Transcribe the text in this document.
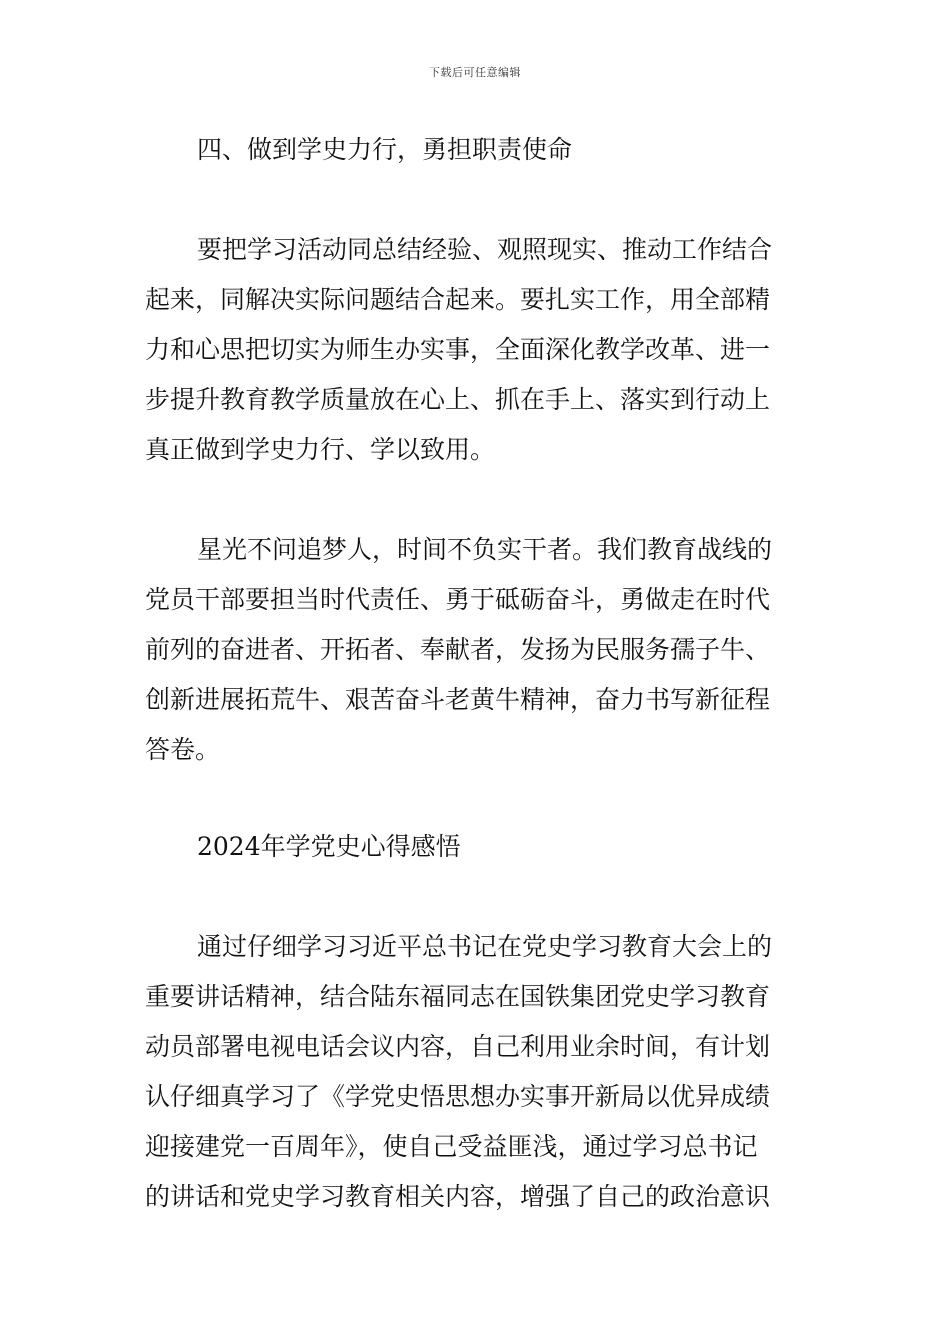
下载后可任意编辑
四、做到学史力行，勇担职责使命
要把学习活动同总结经验、观照现实、推动工作结合
起来，同解决实际问题结合起来。要扎实工作，用全部精
力和心思把切实为师生办实事，全面深化教学改革、进一
步提升教育教学质量放在心上、抓在手上、落实到行动上
真正做到学史力行、学以致用。
星光不问追梦人，时间不负实干者。我们教育战线的
党员干部要担当时代责任、勇于砥砺奋斗，勇做走在时代
前列的奋进者、开拓者、奉献者，发扬为民服务孺子牛、
创新进展拓荒牛、艰苦奋斗老黄牛精神，奋力书写新征程
答卷。
2024年学党史心得感悟
通过仔细学习习近平总书记在党史学习教育大会上的
重要讲话精神，结合陆东福同志在国铁集团党史学习教育
动员部署电视电话会议内容，自己利用业余时间，有计划
认仔细真学习了《学党史悟思想办实事开新局以优异成绩
迎接建党一百周年》，使自己受益匪浅，通过学习总书记
的讲话和党史学习教育相关内容，增强了自己的政治意识
